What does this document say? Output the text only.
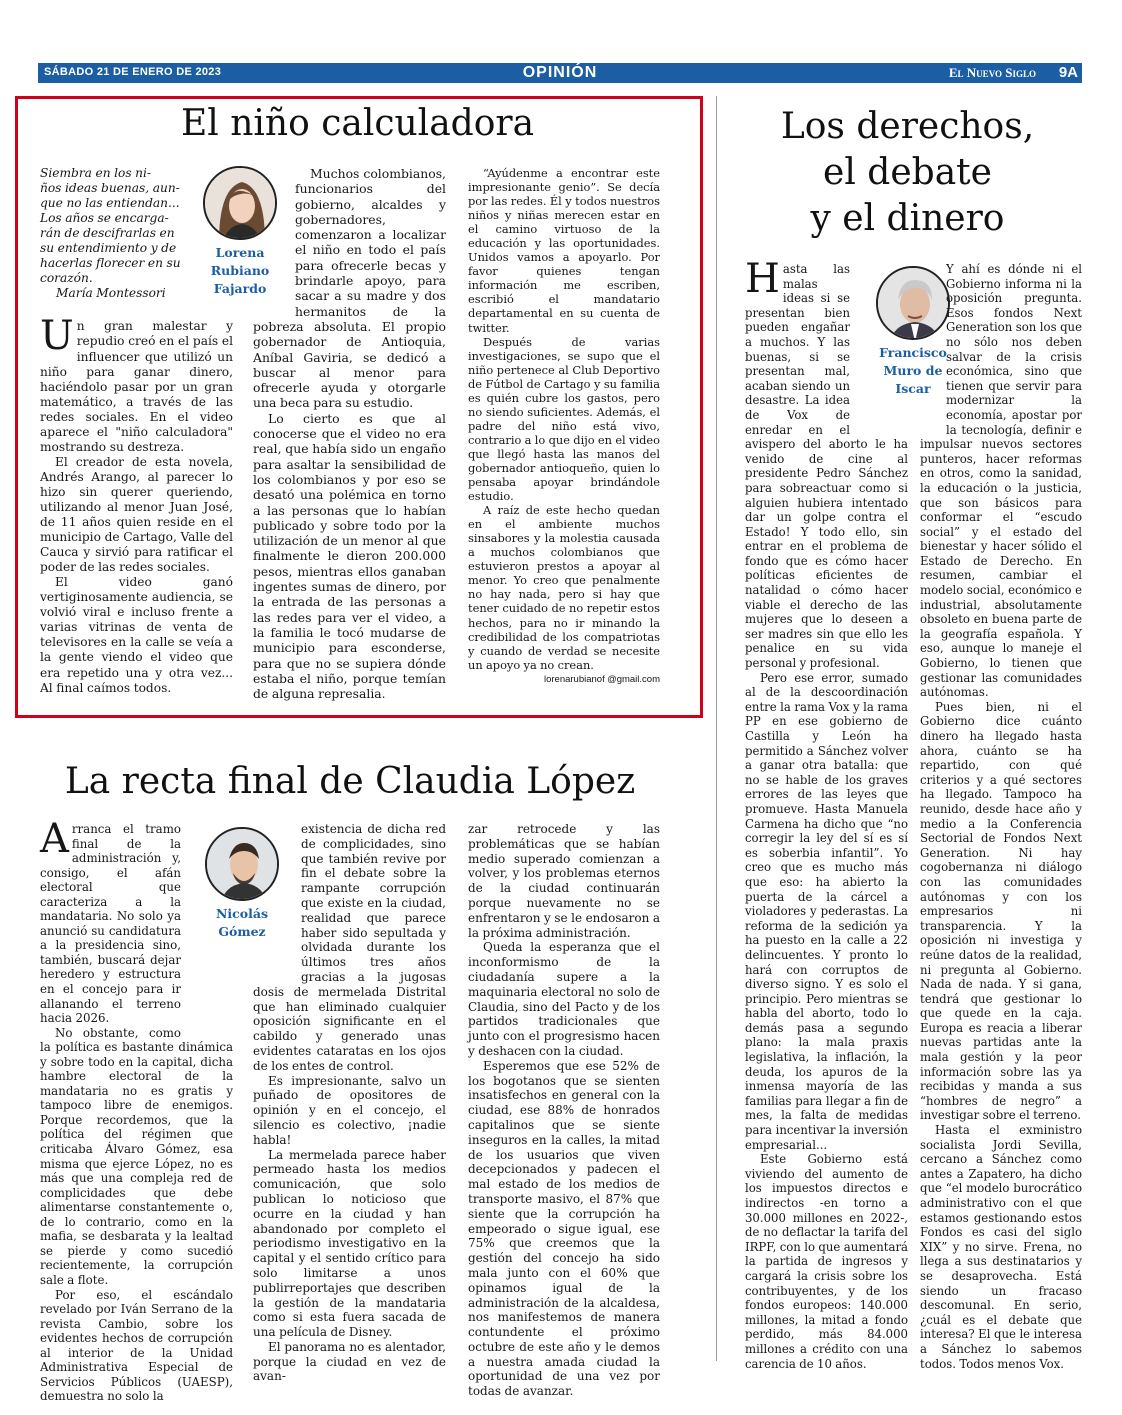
SÁBADO 21 DE ENERO DE 2023	OPINIÓN	El Nuevo Siglo 9A
El niño calculadora
Siembra en los ni-
ños ideas buenas, aun-
que no las entiendan...
Los años se encarga-
rán de descifrarlas en
su entendimiento y de
hacerlas florecer en su
corazón.
María Montessori

Un gran malestar y repudio creó en el país el influencer que utilizó un niño para ganar dinero, haciéndolo pasar por un gran matemático, a través de las redes sociales. En el video aparece el "niño calculadora" mostrando su destreza.

El creador de esta novela, Andrés Arango, al parecer lo hizo sin querer queriendo, utilizando al menor Juan José, de 11 años quien reside en el municipio de Cartago, Valle del Cauca y sirvió para ratificar el poder de las redes sociales.

El video ganó vertiginosamente audiencia, se volvió viral e incluso frente a varias vitrinas de venta de televisores en la calle se veía a la gente viendo el video que era repetido una y otra vez... Al final caímos todos.

Lorena Rubiano Fajardo

Muchos colombianos, funcionarios del gobierno, alcaldes y gobernadores, comenzaron a localizar el niño en todo el país para ofrecerle becas y brindarle apoyo, para sacar a su madre y dos hermanitos de la pobreza absoluta. El propio gobernador de Antioquia, Aníbal Gaviria, se dedicó a buscar al menor para ofrecerle ayuda y otorgarle una beca para su estudio.

Lo cierto es que al conocerse que el video no era real, que había sido un engaño para asaltar la sensibilidad de los colombianos y por eso se desató una polémica en torno a las personas que lo habían publicado y sobre todo por la utilización de un menor al que finalmente le dieron 200.000 pesos, mientras ellos ganaban ingentes sumas de dinero, por la entrada de las personas a las redes para ver el video, a la familia le tocó mudarse de municipio para esconderse, para que no se supiera dónde estaba el niño, porque temían de alguna represalia.

“Ayúdenme a encontrar este impresionante genio”. Se decía por las redes. Él y todos nuestros niños y niñas merecen estar en el camino virtuoso de la educación y las oportunidades. Unidos vamos a apoyarlo. Por favor quienes tengan información me escriben, escribió el mandatario departamental en su cuenta de twitter.

Después de varias investigaciones, se supo que el niño pertenece al Club Deportivo de Fútbol de Cartago y su familia es quién cubre los gastos, pero no siendo suficientes. Además, el padre del niño está vivo, contrario a lo que dijo en el video que llegó hasta las manos del gobernador antioqueño, quien lo pensaba apoyar brindándole estudio.

A raíz de este hecho quedan en el ambiente muchos sinsabores y la molestia causada a muchos colombianos que estuvieron prestos a apoyar al menor. Yo creo que penalmente no hay nada, pero si hay que tener cuidado de no repetir estos hechos, para no ir minando la credibilidad de los compatriotas y cuando de verdad se necesite un apoyo ya no crean.

lorenarubianof @gmail.com

La recta final de Claudia López

Arranca el tramo final de la administración y, consigo, el afán electoral que caracteriza a la mandataria. No solo ya anunció su candidatura a la presidencia sino, también, buscará dejar heredero y estructura en el concejo para ir allanando el terreno hacia 2026.

No obstante, como la política es bastante dinámica y sobre todo en la capital, dicha hambre electoral de la mandataria no es gratis y tampoco libre de enemigos. Porque recordemos, que la política del régimen que criticaba Álvaro Gómez, esa misma que ejerce López, no es más que una compleja red de complicidades que debe alimentarse constantemente o, de lo contrario, como en la mafia, se desbarata y la lealtad se pierde y como sucedió recientemente, la corrupción sale a flote.

Por eso, el escándalo revelado por Iván Serrano de la revista Cambio, sobre los evidentes hechos de corrupción al interior de la Unidad Administrativa Especial de Servicios Públicos (UAESP), demuestra no solo la

Nicolás Gómez

existencia de dicha red de complicidades, sino que también revive por fin el debate sobre la rampante corrupción que existe en la ciudad, realidad que parece haber sido sepultada y olvidada durante los últimos tres años gracias a la jugosas dosis de mermelada Distrital que han eliminado cualquier oposición significante en el cabildo y generado unas evidentes cataratas en los ojos de los entes de control.

Es impresionante, salvo un puñado de opositores de opinión y en el concejo, el silencio es colectivo, ¡nadie habla!

La mermelada parece haber permeado hasta los medios comunicación, que solo publican lo noticioso que ocurre en la ciudad y han abandonado por completo el periodismo investigativo en la capital y el sentido crítico para solo limitarse a unos publirreportajes que describen la gestión de la mandataria como si esta fuera sacada de una película de Disney.

El panorama no es alentador, porque la ciudad en vez de avan-

zar retrocede y las problemáticas que se habían medio superado comienzan a volver, y los problemas eternos de la ciudad continuarán porque nuevamente no se enfrentaron y se le endosaron a la próxima administración.

Queda la esperanza que el inconformismo de la ciudadanía supere a la maquinaria electoral no solo de Claudia, sino del Pacto y de los partidos tradicionales que junto con el progresismo hacen y deshacen con la ciudad.

Esperemos que ese 52% de los bogotanos que se sienten insatisfechos en general con la ciudad, ese 88% de honrados capitalinos que se siente inseguros en la calles, la mitad de los usuarios que viven decepcionados y padecen el mal estado de los medios de transporte masivo, el 87% que siente que la corrupción ha empeorado o sigue igual, ese 75% que creemos que la gestión del concejo ha sido mala junto con el 60% que opinamos igual de la administración de la alcaldesa, nos manifestemos de manera contundente el próximo octubre de este año y le demos a nuestra amada ciudad la oportunidad de una vez por todas de avanzar.

Los derechos,
el debate
y el dinero

Hasta las malas ideas si se presentan bien pueden engañar a muchos. Y las buenas, si se presentan mal, acaban siendo un desastre. La idea de Vox de enredar en el avispero del aborto le ha venido de cine al presidente Pedro Sánchez para sobreactuar como si alguien hubiera intentado dar un golpe contra el Estado! Y todo ello, sin entrar en el problema de fondo que es cómo hacer políticas eficientes de natalidad o cómo hacer viable el derecho de las mujeres que lo deseen a ser madres sin que ello les penalice en su vida personal y profesional.

Pero ese error, sumado al de la descoordinación entre la rama Vox y la rama PP en ese gobierno de Castilla y León ha permitido a Sánchez volver a ganar otra batalla: que no se hable de los graves errores de las leyes que promueve. Hasta Manuela Carmena ha dicho que “no corregir la ley del sí es sí es soberbia infantil”. Yo creo que es mucho más que eso: ha abierto la puerta de la cárcel a violadores y pederastas. La reforma de la sedición ya ha puesto en la calle a 22 delincuentes. Y pronto lo hará con corruptos de diverso signo. Y es solo el principio. Pero mientras se habla del aborto, todo lo demás pasa a segundo plano: la mala praxis legislativa, la inflación, la deuda, los apuros de la inmensa mayoría de las familias para llegar a fin de mes, la falta de medidas para incentivar la inversión empresarial...

Este Gobierno está viviendo del aumento de los impuestos directos e indirectos -en torno a 30.000 millones en 2022-, de no deflactar la tarifa del IRPF, con lo que aumentará la partida de ingresos y cargará la crisis sobre los contribuyentes, y de los fondos europeos: 140.000 millones, la mitad a fondo perdido, más 84.000 millones a crédito con una carencia de 10 años.

Francisco Muro de Iscar

Y ahí es dónde ni el Gobierno informa ni la oposición pregunta. Esos fondos Next Generation son los que no sólo nos deben salvar de la crisis económica, sino que tienen que servir para modernizar la economía, apostar por la tecnología, definir e impulsar nuevos sectores punteros, hacer reformas en otros, como la sanidad, la educación o la justicia, que son básicos para conformar el “escudo social” y el estado del bienestar y hacer sólido el Estado de Derecho. En resumen, cambiar el modelo social, económico e industrial, absolutamente obsoleto en buena parte de la geografía española. Y eso, aunque lo maneje el Gobierno, lo tienen que gestionar las comunidades autónomas.

Pues bien, ni el Gobierno dice cuánto dinero ha llegado hasta ahora, cuánto se ha repartido, con qué criterios y a qué sectores ha llegado. Tampoco ha reunido, desde hace año y medio a la Conferencia Sectorial de Fondos Next Generation. Ni hay cogobernanza ni diálogo con las comunidades autónomas y con los empresarios ni transparencia. Y la oposición ni investiga y reúne datos de la realidad, ni pregunta al Gobierno. Nada de nada. Y si gana, tendrá que gestionar lo que quede en la caja. Europa es reacia a liberar nuevas partidas ante la mala gestión y la peor información sobre las ya recibidas y manda a sus “hombres de negro” a investigar sobre el terreno.

Hasta el exministro socialista Jordi Sevilla, cercano a Sánchez como antes a Zapatero, ha dicho que “el modelo burocrático administrativo con el que estamos gestionando estos Fondos es casi del siglo XIX” y no sirve. Frena, no llega a sus destinatarios y se desaprovecha. Está siendo un fracaso descomunal. En serio, ¿cuál es el debate que interesa? El que le interesa a Sánchez lo sabemos todos. Todos menos Vox.
